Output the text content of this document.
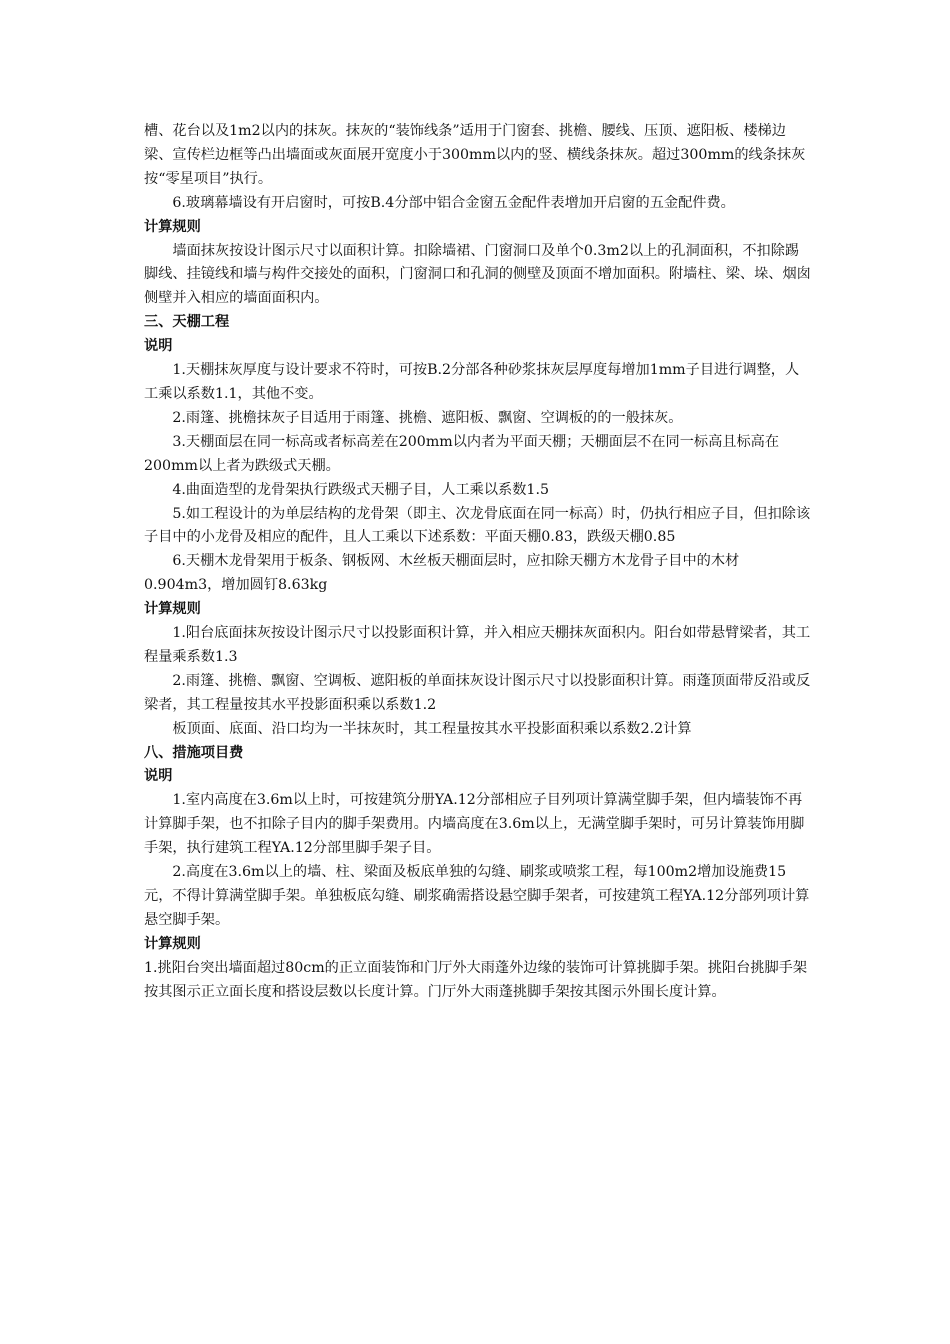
槽、花台以及1m2以内的抹灰。抹灰的“装饰线条”适用于门窗套、挑檐、腰线、压顶、遮阳板、楼梯边梁、宣传栏边框等凸出墙面或灰面展开宽度小于300mm以内的竖、横线条抹灰。超过300mm的线条抹灰按“零星项目”执行。

6.玻璃幕墙设有开启窗时，可按B.4分部中铝合金窗五金配件表增加开启窗的五金配件费。

计算规则

墙面抹灰按设计图示尺寸以面积计算。扣除墙裙、门窗洞口及单个0.3m2以上的孔洞面积，不扣除踢脚线、挂镜线和墙与构件交接处的面积，门窗洞口和孔洞的侧壁及顶面不增加面积。附墙柱、梁、垛、烟囱侧壁并入相应的墙面面积内。

三、天棚工程

说明

1.天棚抹灰厚度与设计要求不符时，可按B.2分部各种砂浆抹灰层厚度每增加1mm子目进行调整，人工乘以系数1.1，其他不变。

2.雨篷、挑檐抹灰子目适用于雨篷、挑檐、遮阳板、飘窗、空调板的的一般抹灰。

3.天棚面层在同一标高或者标高差在200mm以内者为平面天棚；天棚面层不在同一标高且标高在200mm以上者为跌级式天棚。

4.曲面造型的龙骨架执行跌级式天棚子目，人工乘以系数1.5

5.如工程设计的为单层结构的龙骨架（即主、次龙骨底面在同一标高）时，仍执行相应子目，但扣除该子目中的小龙骨及相应的配件，且人工乘以下述系数：平面天棚0.83，跌级天棚0.85

6.天棚木龙骨架用于板条、钢板网、木丝板天棚面层时，应扣除天棚方木龙骨子目中的木材0.904m3，增加圆钉8.63kg

计算规则

1.阳台底面抹灰按设计图示尺寸以投影面积计算，并入相应天棚抹灰面积内。阳台如带悬臂梁者，其工程量乘系数1.3

2.雨篷、挑檐、飘窗、空调板、遮阳板的单面抹灰设计图示尺寸以投影面积计算。雨蓬顶面带反沿或反梁者，其工程量按其水平投影面积乘以系数1.2

板顶面、底面、沿口均为一半抹灰时，其工程量按其水平投影面积乘以系数2.2计算

八、措施项目费

说明

1.室内高度在3.6m以上时，可按建筑分册YA.12分部相应子目列项计算满堂脚手架，但内墙装饰不再计算脚手架，也不扣除子目内的脚手架费用。内墙高度在3.6m以上，无满堂脚手架时，可另计算装饰用脚手架，执行建筑工程YA.12分部里脚手架子目。

2.高度在3.6m以上的墙、柱、梁面及板底单独的勾缝、刷浆或喷浆工程，每100m2增加设施费15元，不得计算满堂脚手架。单独板底勾缝、刷浆确需搭设悬空脚手架者，可按建筑工程YA.12分部列项计算悬空脚手架。

计算规则

1.挑阳台突出墙面超过80cm的正立面装饰和门厅外大雨蓬外边缘的装饰可计算挑脚手架。挑阳台挑脚手架按其图示正立面长度和搭设层数以长度计算。门厅外大雨蓬挑脚手架按其图示外围长度计算。
